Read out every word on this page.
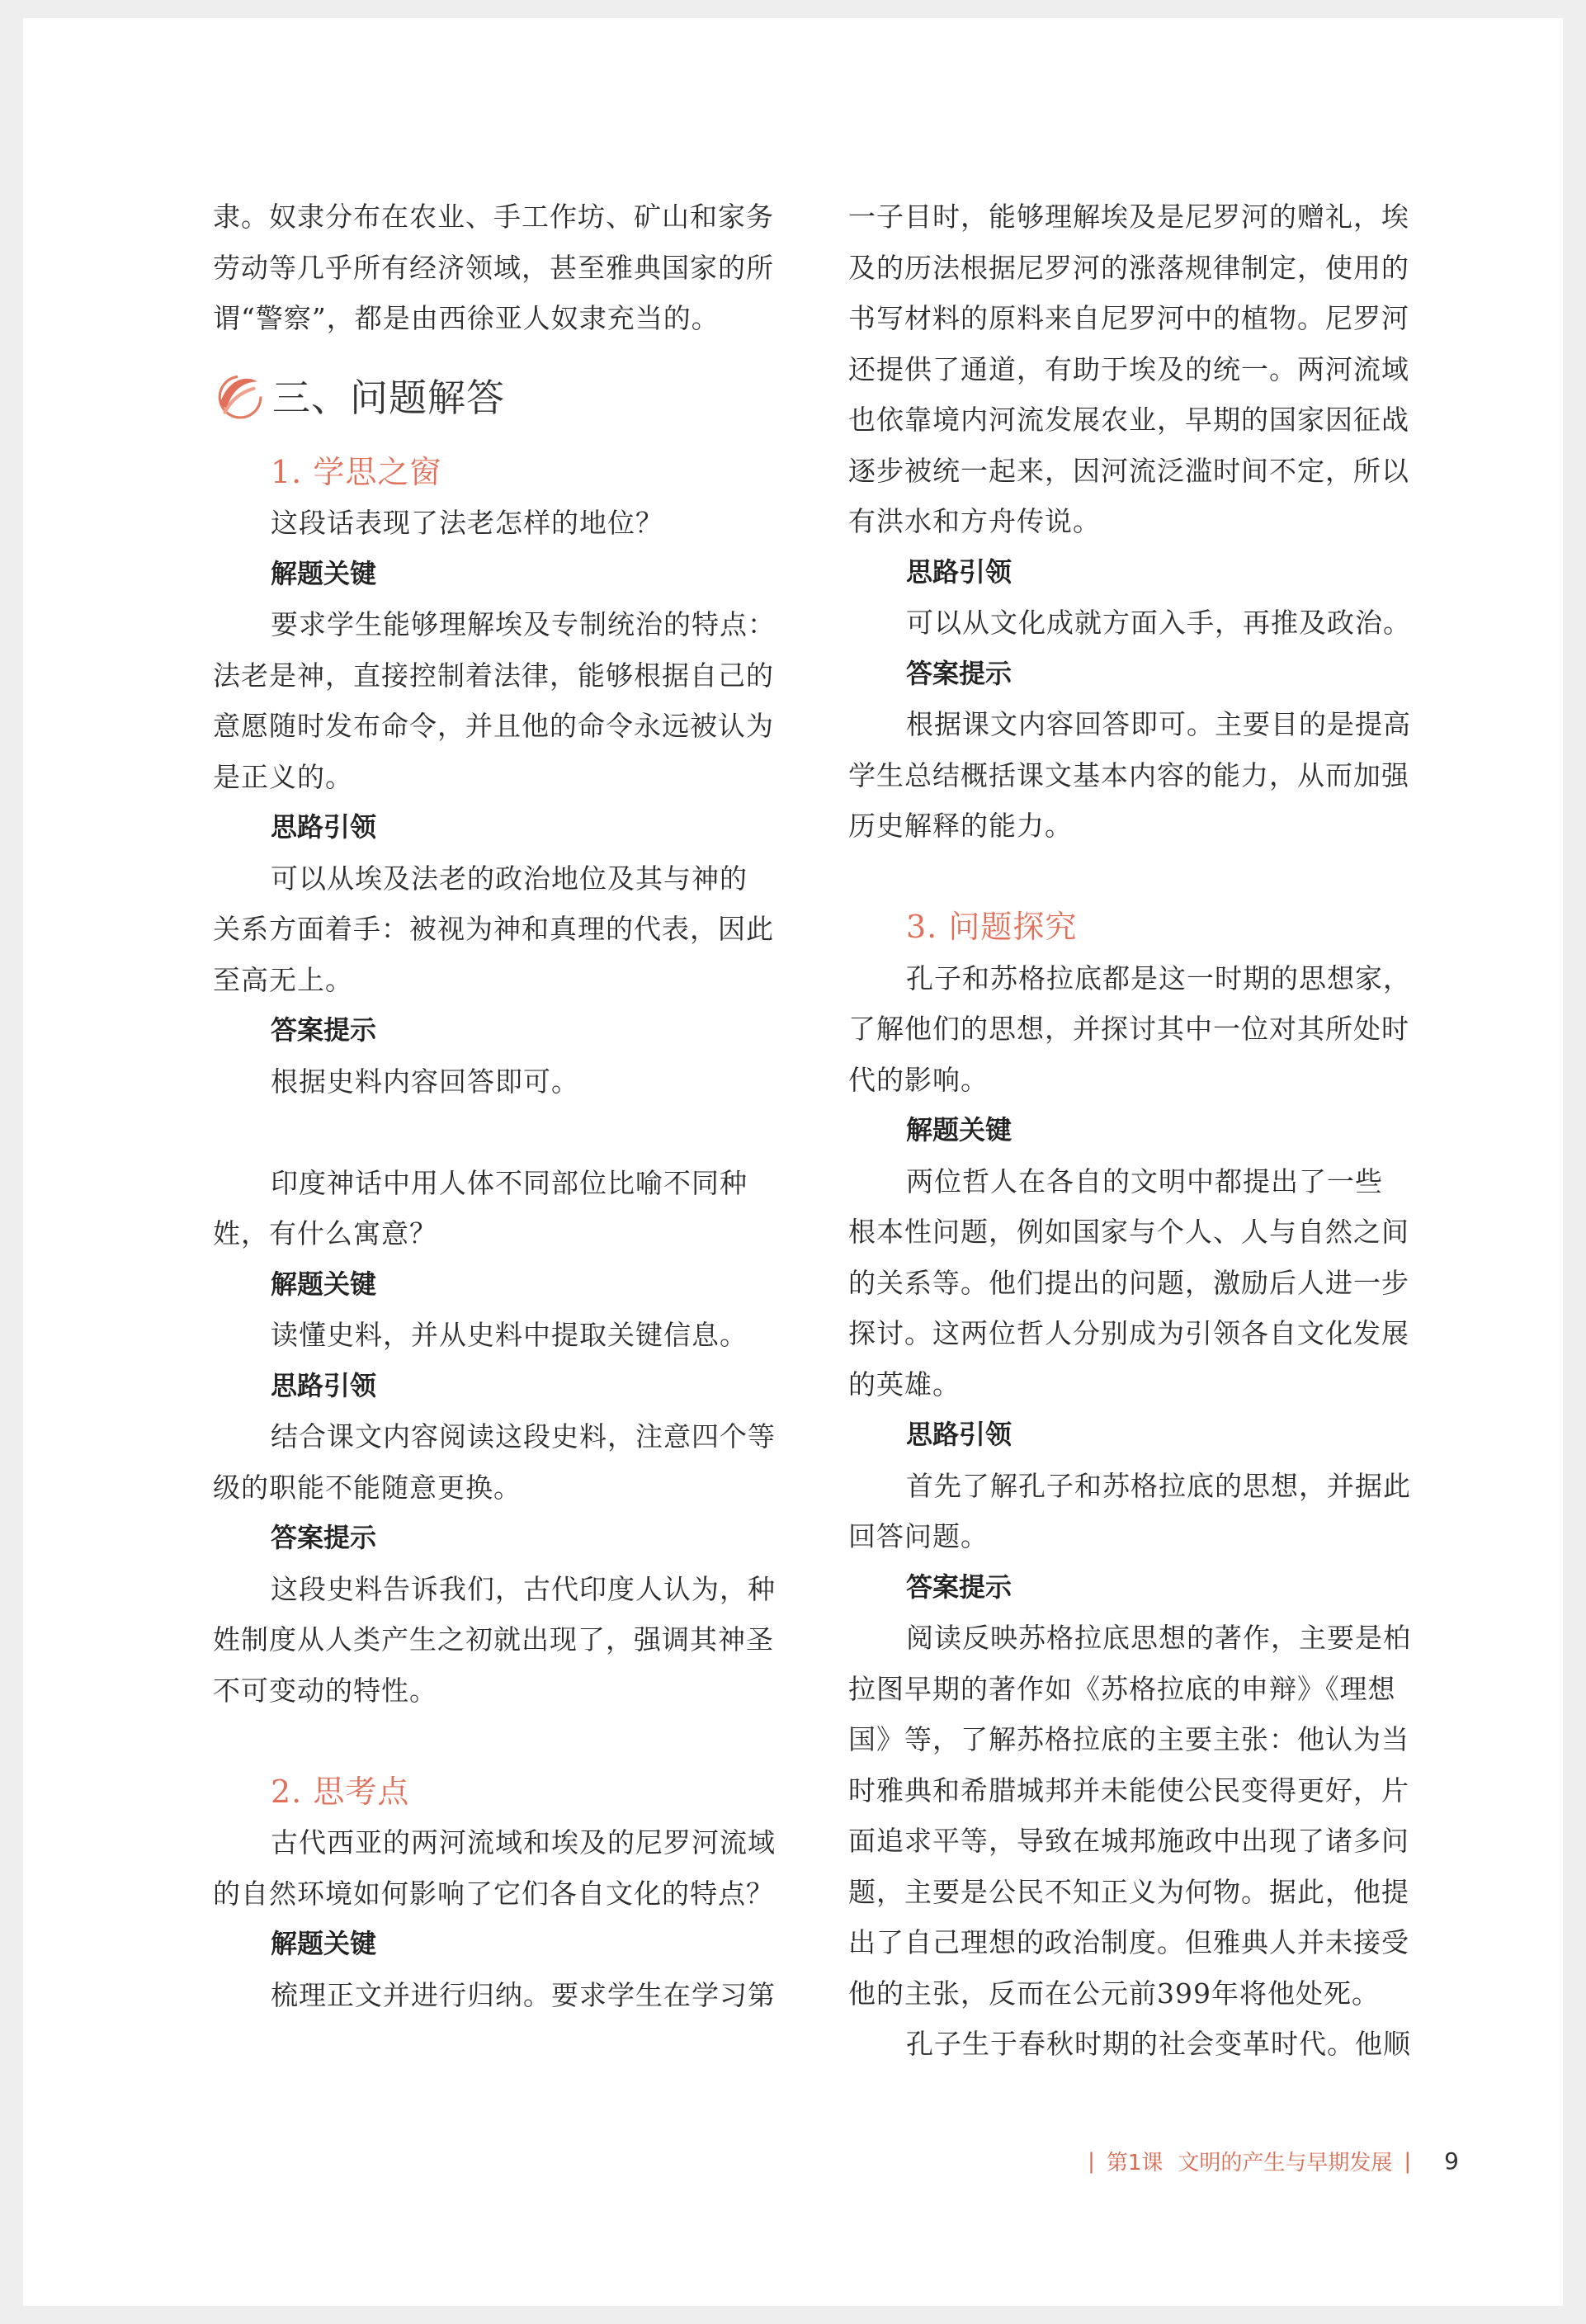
隶。奴隶分布在农业、手工作坊、矿山和家务
劳动等几乎所有经济领域，甚至雅典国家的所
谓“警察”，都是由西徐亚人奴隶充当的。
三、问题解答
1. 学思之窗
这段话表现了法老怎样的地位？
解题关键
要求学生能够理解埃及专制统治的特点：
法老是神，直接控制着法律，能够根据自己的
意愿随时发布命令，并且他的命令永远被认为
是正义的。
思路引领
可以从埃及法老的政治地位及其与神的
关系方面着手：被视为神和真理的代表，因此
至高无上。
答案提示
根据史料内容回答即可。
印度神话中用人体不同部位比喻不同种
姓，有什么寓意？
解题关键
读懂史料，并从史料中提取关键信息。
思路引领
结合课文内容阅读这段史料，注意四个等
级的职能不能随意更换。
答案提示
这段史料告诉我们，古代印度人认为，种
姓制度从人类产生之初就出现了，强调其神圣
不可变动的特性。
2. 思考点
古代西亚的两河流域和埃及的尼罗河流域
的自然环境如何影响了它们各自文化的特点？
解题关键
梳理正文并进行归纳。要求学生在学习第
一子目时，能够理解埃及是尼罗河的赠礼，埃
及的历法根据尼罗河的涨落规律制定，使用的
书写材料的原料来自尼罗河中的植物。尼罗河
还提供了通道，有助于埃及的统一。两河流域
也依靠境内河流发展农业，早期的国家因征战
逐步被统一起来，因河流泛滥时间不定，所以
有洪水和方舟传说。
思路引领
可以从文化成就方面入手，再推及政治。
答案提示
根据课文内容回答即可。主要目的是提高
学生总结概括课文基本内容的能力，从而加强
历史解释的能力。
3. 问题探究
孔子和苏格拉底都是这一时期的思想家，
了解他们的思想，并探讨其中一位对其所处时
代的影响。
解题关键
两位哲人在各自的文明中都提出了一些
根本性问题，例如国家与个人、人与自然之间
的关系等。他们提出的问题，激励后人进一步
探讨。这两位哲人分别成为引领各自文化发展
的英雄。
思路引领
首先了解孔子和苏格拉底的思想，并据此
回答问题。
答案提示
阅读反映苏格拉底思想的著作，主要是柏
拉图早期的著作如《苏格拉底的申辩》《理想
国》等，了解苏格拉底的主要主张：他认为当
时雅典和希腊城邦并未能使公民变得更好，片
面追求平等，导致在城邦施政中出现了诸多问
题，主要是公民不知正义为何物。据此，他提
出了自己理想的政治制度。但雅典人并未接受
他的主张，反而在公元前399年将他处死。
孔子生于春秋时期的社会变革时代。他顺
| 第1课 文明的产生与早期发展 | 9
